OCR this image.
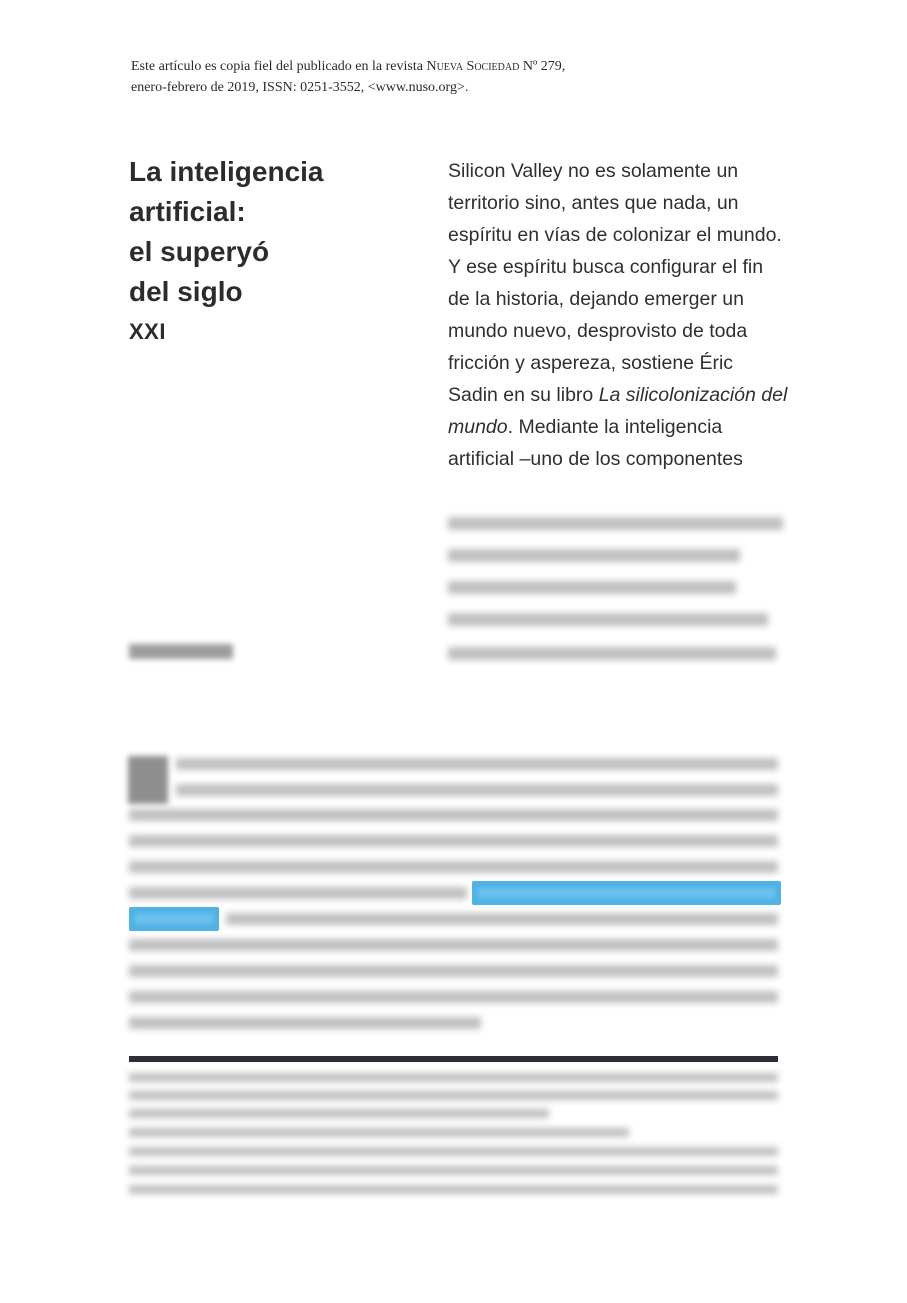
Este artículo es copia fiel del publicado en la revista Nueva Sociedad Nº 279,
enero-febrero de 2019, ISSN: 0251-3552, <www.nuso.org>.
La inteligencia
artificial:
el superyó
del siglo
XXI

Silicon Valley no es solamente un territorio sino, antes que nada, un espíritu en vías de colonizar el mundo. Y ese espíritu busca configurar el fin de la historia, dejando emerger un mundo nuevo, desprovisto de toda fricción y aspereza, sostiene Éric Sadin en su libro La silicolonización del mundo. Mediante la inteligencia artificial –uno de los componentes
